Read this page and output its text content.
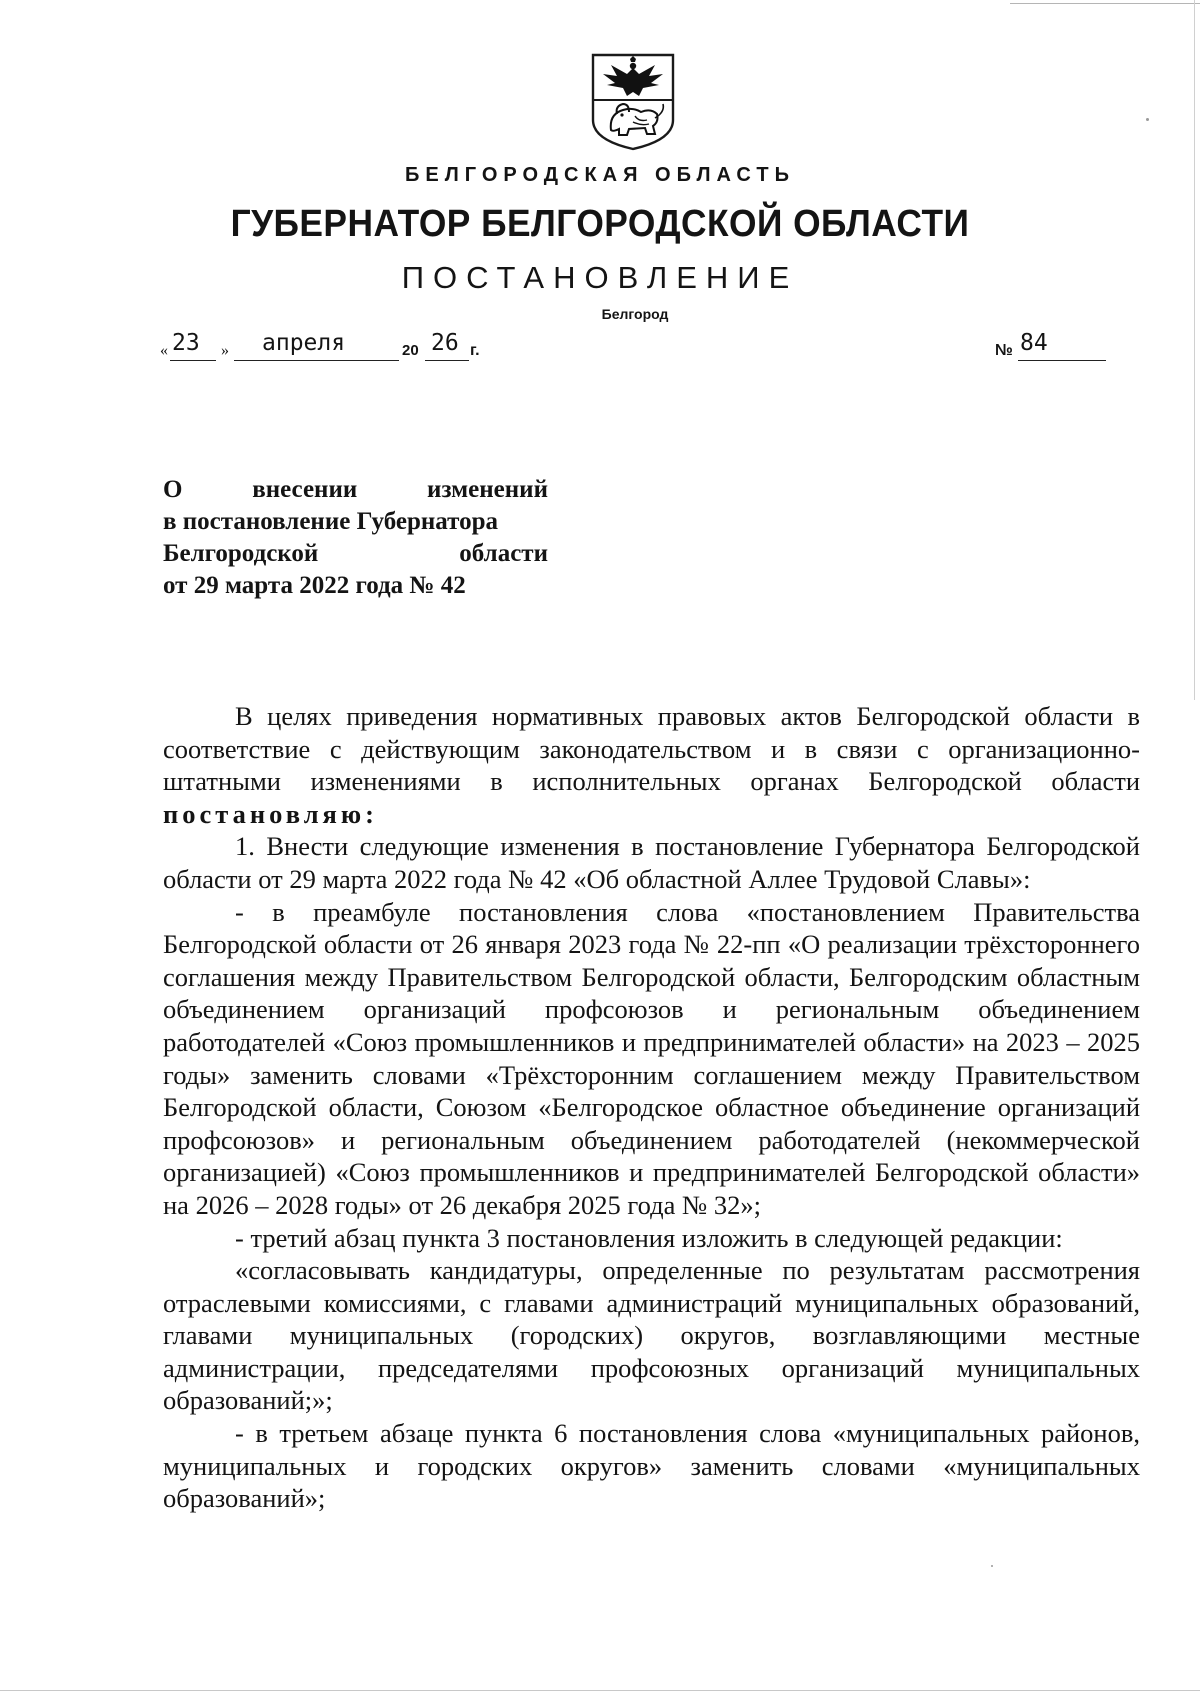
БЕЛГОРОДСКАЯ ОБЛАСТЬ
ГУБЕРНАТОР БЕЛГОРОДСКОЙ ОБЛАСТИ
ПОСТАНОВЛЕНИЕ
Белгород
« 23 » апреля	20 26 г.	№ 84
О внесении изменений
в постановление Губернатора
Белгородской области
от 29 марта 2022 года № 42

В целях приведения нормативных правовых актов Белгородской области в соответствие с действующим законодательством и в связи с организационно-штатными изменениями в исполнительных органах Белгородской области постановляю:

1. Внести следующие изменения в постановление Губернатора Белгородской области от 29 марта 2022 года № 42 «Об областной Аллее Трудовой Славы»:

- в преамбуле постановления слова «постановлением Правительства Белгородской области от 26 января 2023 года № 22-пп «О реализации трёхстороннего соглашения между Правительством Белгородской области, Белгородским областным объединением организаций профсоюзов и региональным объединением работодателей «Союз промышленников и предпринимателей области» на 2023 – 2025 годы» заменить словами «Трёхсторонним соглашением между Правительством Белгородской области, Союзом «Белгородское областное объединение организаций профсоюзов» и региональным объединением работодателей (некоммерческой организацией) «Союз промышленников и предпринимателей Белгородской области» на 2026 – 2028 годы» от 26 декабря 2025 года № 32»;

- третий абзац пункта 3 постановления изложить в следующей редакции:

«согласовывать кандидатуры, определенные по результатам рассмотрения отраслевыми комиссиями, с главами администраций муниципальных образований, главами муниципальных (городских) округов, возглавляющими местные администрации, председателями профсоюзных организаций муниципальных образований;»;

- в третьем абзаце пункта 6 постановления слова «муниципальных районов, муниципальных и городских округов» заменить словами «муниципальных образований»;
